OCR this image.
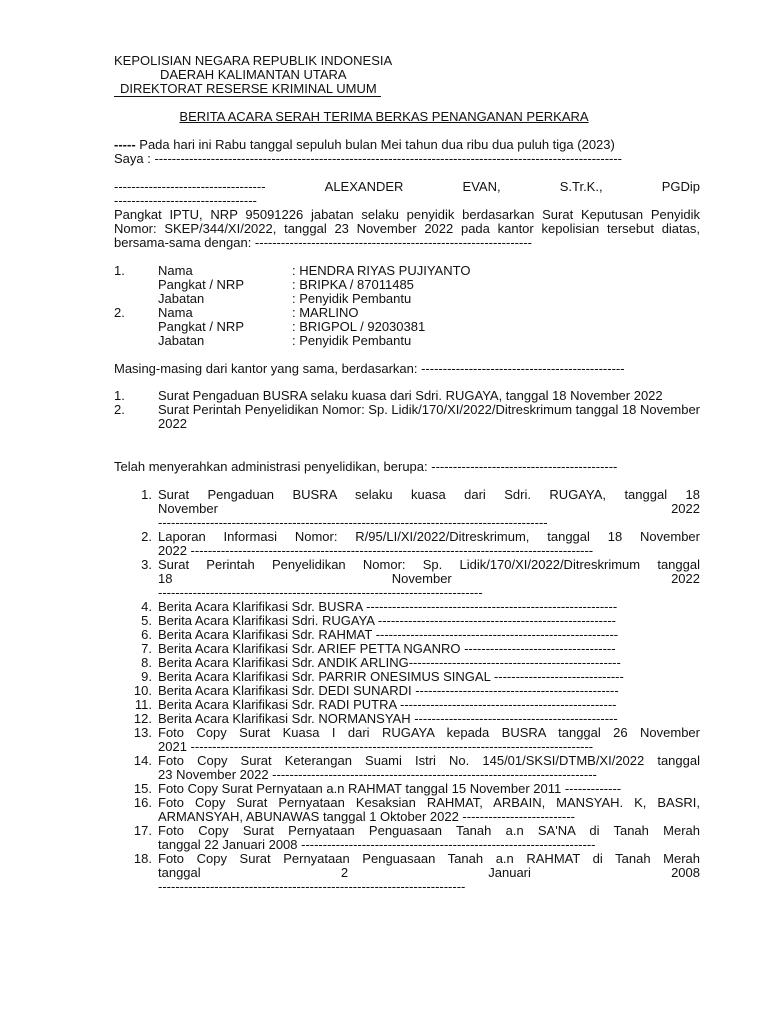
KEPOLISIAN NEGARA REPUBLIK INDONESIA
DAERAH KALIMANTAN UTARA
DIREKTORAT RESERSE KRIMINAL UMUM
BERITA ACARA SERAH TERIMA BERKAS PENANGANAN PERKARA
----- Pada hari ini Rabu tanggal sepuluh bulan Mei tahun dua ribu dua puluh tiga (2023)
Saya : ------------------------------------------------------------------------------------------------------------
-----------------------------------	ALEXANDER	EVAN,	S.Tr.K.,	PGDip
---------------------------------
Pangkat IPTU, NRP 95091226 jabatan selaku penyidik berdasarkan Surat Keputusan Penyidik Nomor: SKEP/344/XI/2022, tanggal 23 November 2022 pada kantor kepolisian tersebut diatas, bersama-sama dengan: ----------------------------------------------------------------
1.	Nama	: HENDRA RIYAS PUJIYANTO
Pangkat / NRP	: BRIPKA / 87011485
Jabatan	: Penyidik Pembantu
2.	Nama	: MARLINO
Pangkat / NRP	: BRIGPOL / 92030381
Jabatan	: Penyidik Pembantu
Masing-masing dari kantor yang sama, berdasarkan: -----------------------------------------------
1.	Surat Pengaduan BUSRA selaku kuasa dari Sdri. RUGAYA, tanggal 18 November 2022
2.	Surat Perintah Penyelidikan Nomor: Sp. Lidik/170/XI/2022/Ditreskrimum tanggal 18 November 2022
Telah menyerahkan administrasi penyelidikan, berupa: -------------------------------------------
1. Surat Pengaduan BUSRA selaku kuasa dari Sdri. RUGAYA, tanggal 18
November 2022
------------------------------------------------------------------------------------------
2. Laporan Informasi Nomor: R/95/LI/XI/2022/Ditreskrimum, tanggal 18 November
2022 ---------------------------------------------------------------------------------------------
3. Surat Perintah Penyelidikan Nomor: Sp. Lidik/170/XI/2022/Ditreskrimum tanggal
18 November 2022
---------------------------------------------------------------------------
4. Berita Acara Klarifikasi Sdr. BUSRA ----------------------------------------------------------
5. Berita Acara Klarifikasi Sdri. RUGAYA -------------------------------------------------------
6. Berita Acara Klarifikasi Sdr. RAHMAT --------------------------------------------------------
7. Berita Acara Klarifikasi Sdr. ARIEF PETTA NGANRO -----------------------------------
8. Berita Acara Klarifikasi Sdr. ANDIK ARLING-------------------------------------------------
9. Berita Acara Klarifikasi Sdr. PARRIR ONESIMUS SINGAL ------------------------------
10. Berita Acara Klarifikasi Sdr. DEDI SUNARDI -----------------------------------------------
11. Berita Acara Klarifikasi Sdr. RADI PUTRA --------------------------------------------------
12. Berita Acara Klarifikasi Sdr. NORMANSYAH -----------------------------------------------
13. Foto Copy Surat Kuasa I dari RUGAYA kepada BUSRA tanggal 26 November
2021 ---------------------------------------------------------------------------------------------
14. Foto Copy Surat Keterangan Suami Istri No. 145/01/SKSI/DTMB/XI/2022 tanggal
23 November 2022 ---------------------------------------------------------------------------
15. Foto Copy Surat Pernyataan a.n RAHMAT tanggal 15 November 2011 -------------
16. Foto Copy Surat Pernyataan Kesaksian RAHMAT, ARBAIN, MANSYAH. K, BASRI, ARMANSYAH, ABUNAWAS tanggal 1 Oktober 2022 --------------------------
17. Foto Copy Surat Pernyataan Penguasaan Tanah a.n SA'NA di Tanah Merah
tanggal 22 Januari 2008 --------------------------------------------------------------------
18. Foto Copy Surat Pernyataan Penguasaan Tanah a.n RAHMAT di Tanah Merah
tanggal 2 Januari 2008
-----------------------------------------------------------------------
